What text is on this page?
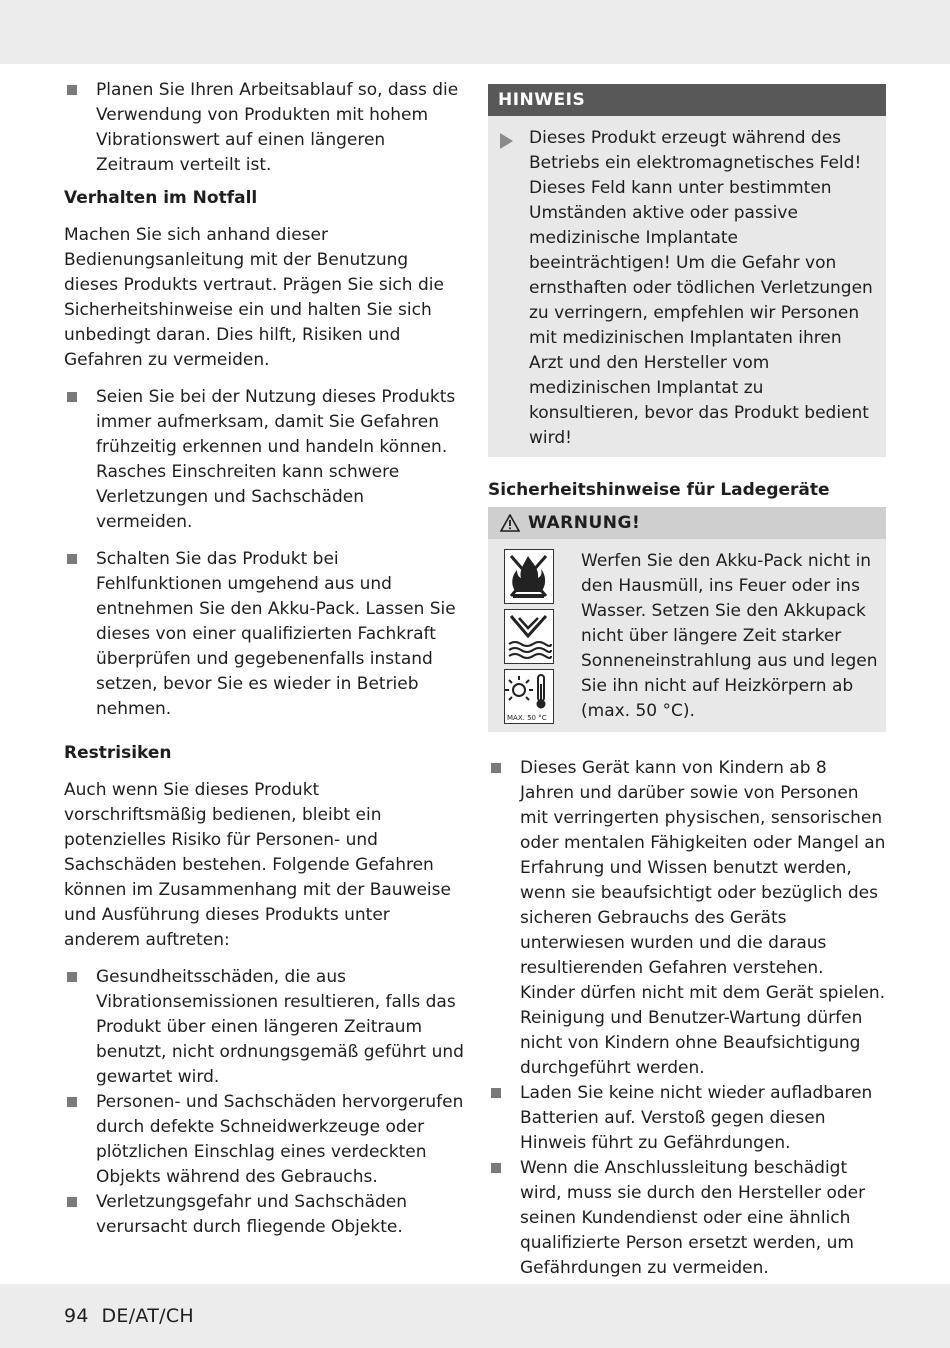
Planen Sie Ihren Arbeitsablauf so, dass die Verwendung von Produkten mit hohem Vibrationswert auf einen längeren Zeitraum verteilt ist.
Verhalten im Notfall

Machen Sie sich anhand dieser Bedienungsanleitung mit der Benutzung dieses Produkts vertraut. Prägen Sie sich die Sicherheitshinweise ein und halten Sie sich unbedingt daran. Dies hilft, Risiken und Gefahren zu vermeiden.

Seien Sie bei der Nutzung dieses Produkts immer aufmerksam, damit Sie Gefahren frühzeitig erkennen und handeln können. Rasches Einschreiten kann schwere Verletzungen und Sachschäden vermeiden.
Schalten Sie das Produkt bei Fehlfunktionen umgehend aus und entnehmen Sie den Akku-Pack. Lassen Sie dieses von einer qualifizierten Fachkraft überprüfen und gegebenenfalls instand setzen, bevor Sie es wieder in Betrieb nehmen.
Restrisiken

Auch wenn Sie dieses Produkt vorschriftsmäßig bedienen, bleibt ein potenzielles Risiko für Personen- und Sachschäden bestehen. Folgende Gefahren können im Zusammenhang mit der Bauweise und Ausführung dieses Produkts unter anderem auftreten:

Gesundheitsschäden, die aus Vibrationsemissionen resultieren, falls das Produkt über einen längeren Zeitraum benutzt, nicht ordnungsgemäß geführt und gewartet wird.
Personen- und Sachschäden hervorgerufen durch defekte Schneidwerkzeuge oder plötzlichen Einschlag eines verdeckten Objekts während des Gebrauchs.
Verletzungsgefahr und Sachschäden verursacht durch fliegende Objekte.
HINWEIS

Dieses Produkt erzeugt während des Betriebs ein elektromagnetisches Feld! Dieses Feld kann unter bestimmten Umständen aktive oder passive medizinische Implantate beeinträchtigen! Um die Gefahr von ernsthaften oder tödlichen Verletzungen zu verringern, empfehlen wir Personen mit medizinischen Implantaten ihren Arzt und den Hersteller vom medizinischen Implantat zu konsultieren, bevor das Produkt bedient wird!

Sicherheitshinweise für Ladegeräte
WARNUNG!
MAX. 50 °C

Werfen Sie den Akku-Pack nicht in den Hausmüll, ins Feuer oder ins Wasser. Setzen Sie den Akkupack nicht über längere Zeit starker Sonneneinstrahlung aus und legen Sie ihn nicht auf Heizkörpern ab (max. 50 °C).

Dieses Gerät kann von Kindern ab 8 Jahren und darüber sowie von Personen mit verringerten physischen, sensorischen oder mentalen Fähigkeiten oder Mangel an Erfahrung und Wissen benutzt werden, wenn sie beaufsichtigt oder bezüglich des sicheren Gebrauchs des Geräts unterwiesen wurden und die daraus resultierenden Gefahren verstehen.
Kinder dürfen nicht mit dem Gerät spielen. Reinigung und Benutzer-Wartung dürfen nicht von Kindern ohne Beaufsichtigung durchgeführt werden.
Laden Sie keine nicht wieder aufladbaren Batterien auf. Verstoß gegen diesen Hinweis führt zu Gefährdungen.
Wenn die Anschlussleitung beschädigt wird, muss sie durch den Hersteller oder seinen Kundendienst oder eine ähnlich qualifizierte Person ersetzt werden, um Gefährdungen zu vermeiden.
94 DE/AT/CH
